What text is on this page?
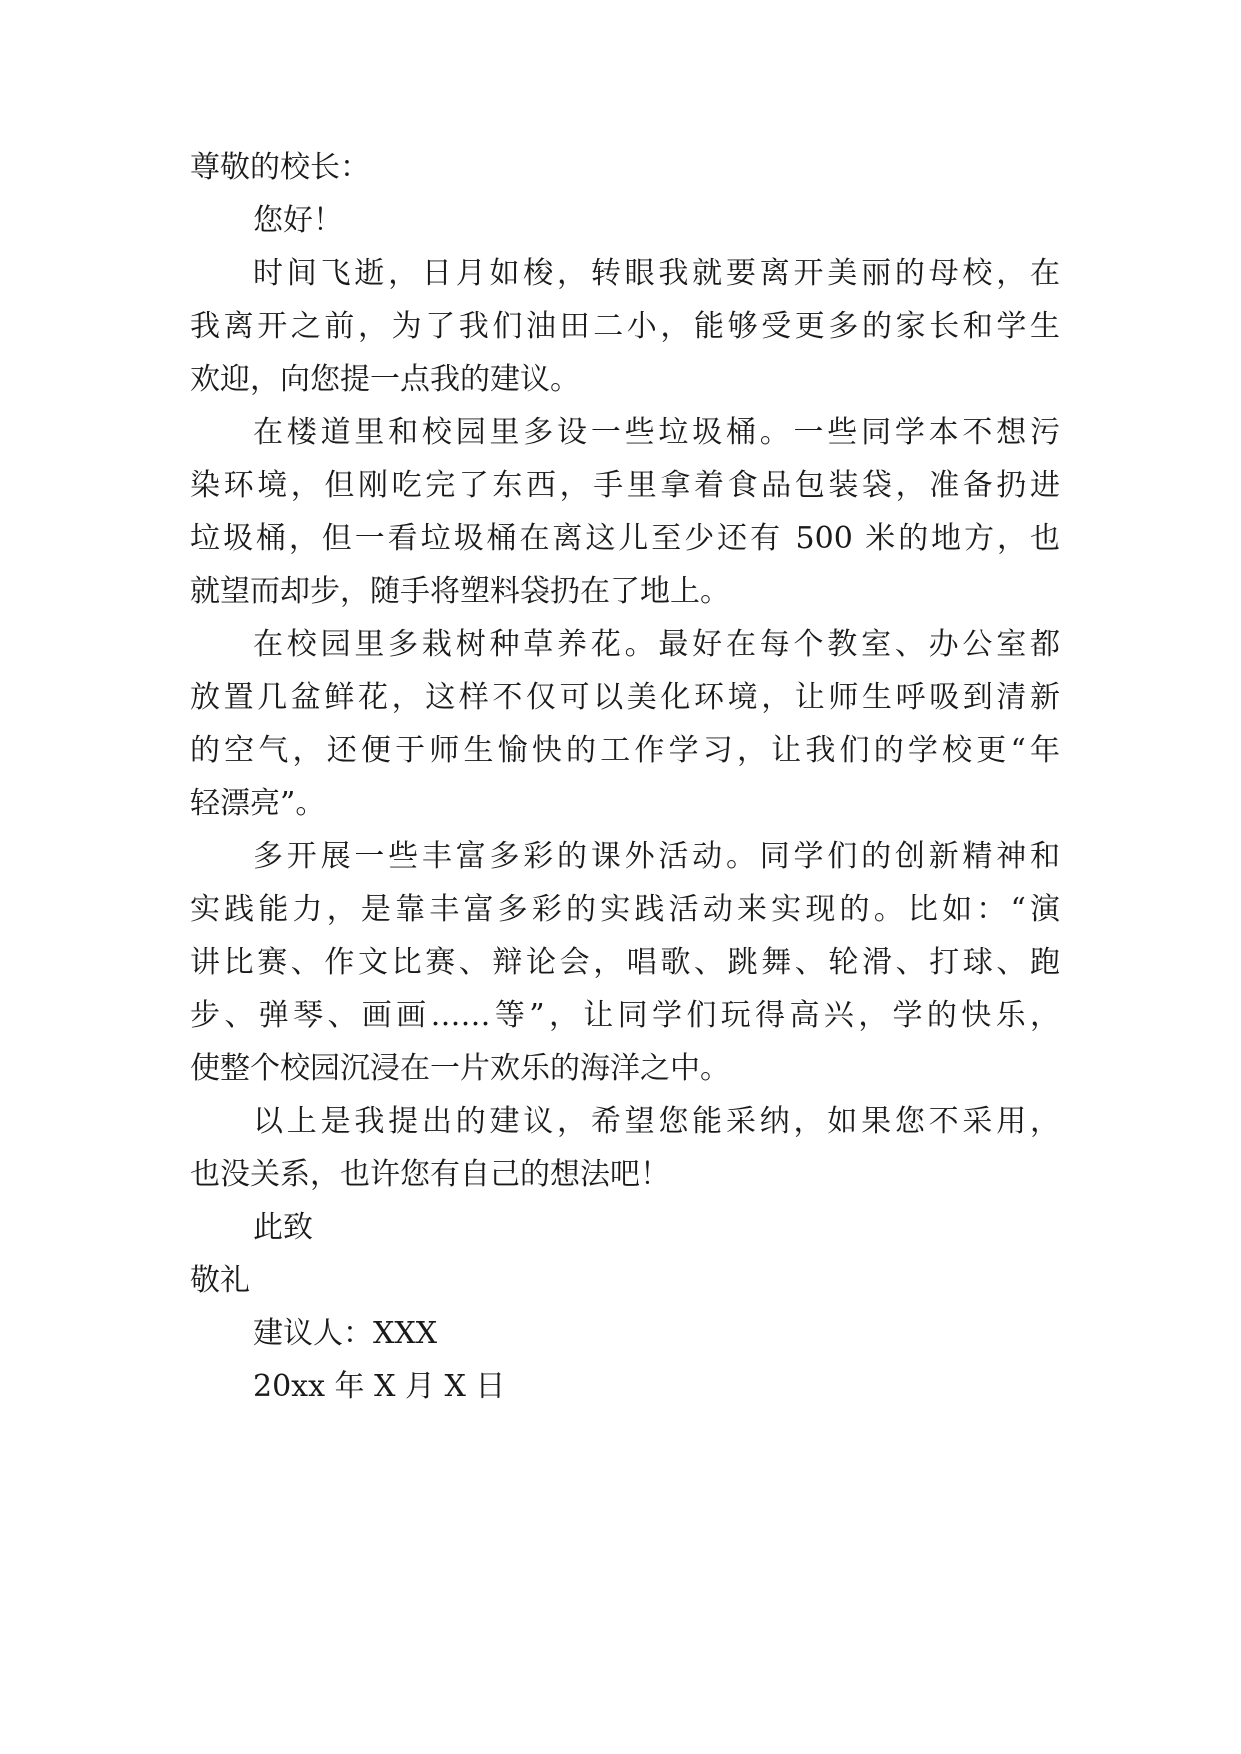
尊敬的校长：

您好！

时间飞逝，日月如梭，转眼我就要离开美丽的母校，在

我离开之前，为了我们油田二小，能够受更多的家长和学生

欢迎，向您提一点我的建议。

在楼道里和校园里多设一些垃圾桶。一些同学本不想污

染环境，但刚吃完了东西，手里拿着食品包装袋，准备扔进

垃圾桶，但一看垃圾桶在离这儿至少还有 500 米的地方，也

就望而却步，随手将塑料袋扔在了地上。

在校园里多栽树种草养花。最好在每个教室、办公室都

放置几盆鲜花，这样不仅可以美化环境，让师生呼吸到清新

的空气，还便于师生愉快的工作学习，让我们的学校更“年

轻漂亮”。

多开展一些丰富多彩的课外活动。同学们的创新精神和

实践能力，是靠丰富多彩的实践活动来实现的。比如：“演

讲比赛、作文比赛、辩论会，唱歌、跳舞、轮滑、打球、跑

步、弹琴、画画……等”，让同学们玩得高兴，学的快乐，

使整个校园沉浸在一片欢乐的海洋之中。

以上是我提出的建议，希望您能采纳，如果您不采用，

也没关系，也许您有自己的想法吧！

此致

敬礼

建议人：XXX

20xx 年 X 月 X 日
